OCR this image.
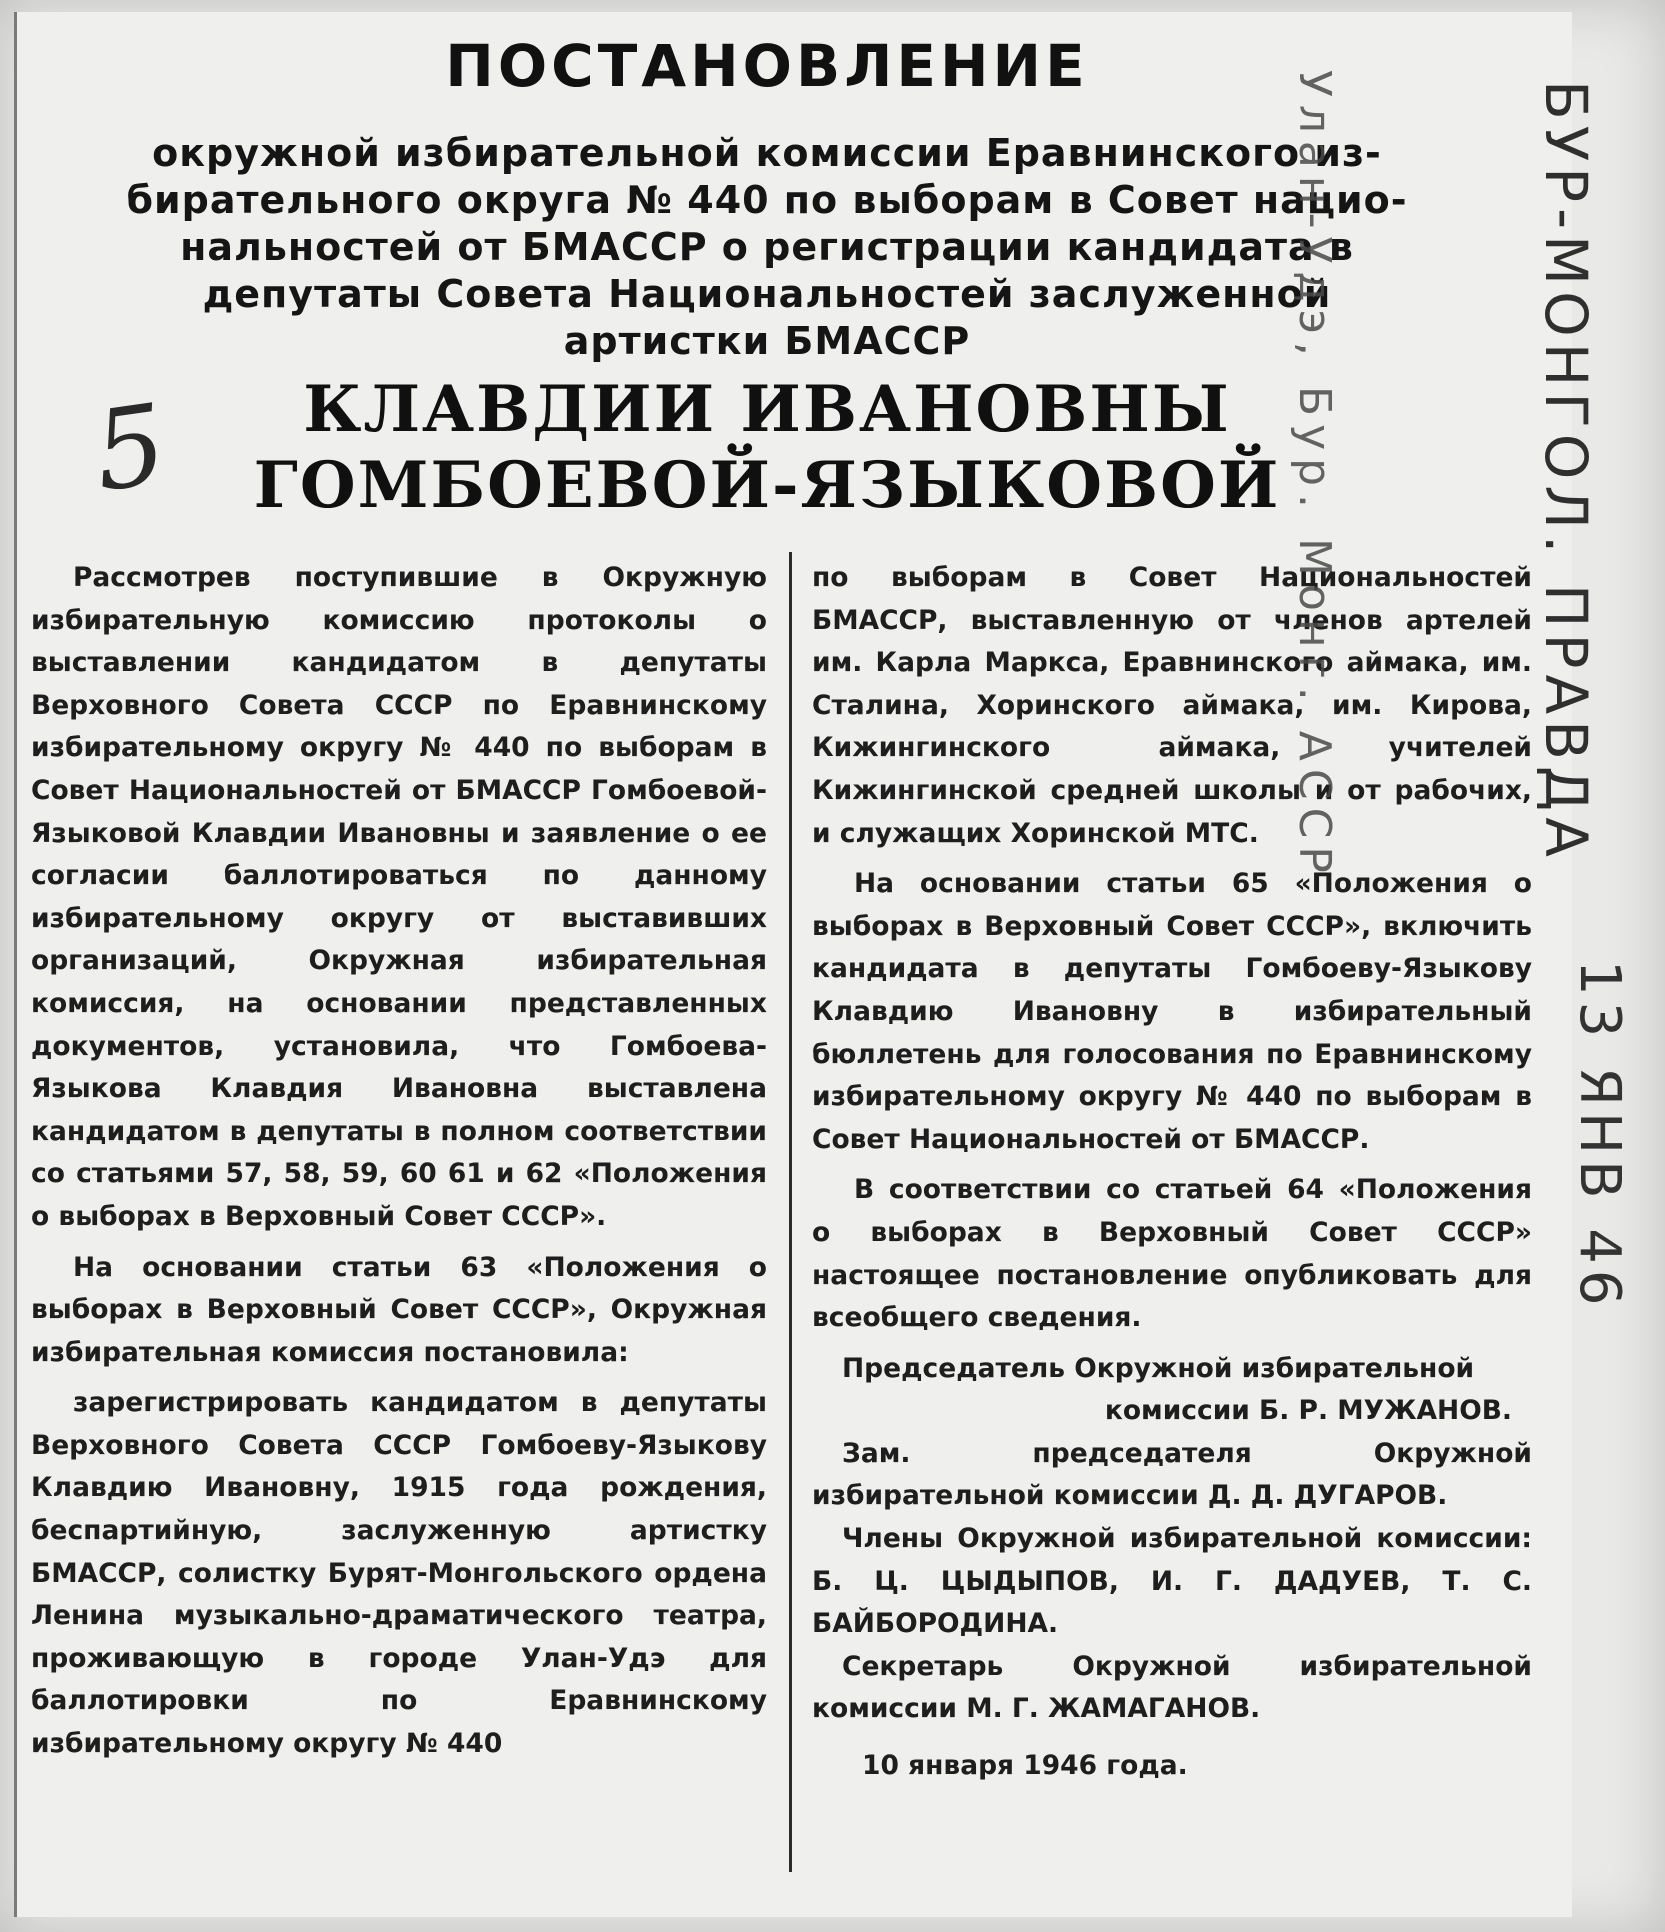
ПОСТАНОВЛЕНИЕ
окружной избирательной комиссии Еравнинского из-
бирательного округа № 440 по выборам в Совет нацио-
нальностей от БМАССР о регистрации кандидата в
депутаты Совета Национальностей заслуженной
артистки БМАССР
5	КЛАВДИИ ИВАНОВНЫ
ГОМБОЕВОЙ-ЯЗЫКОВОЙ

Рассмотрев поступившие в Окружную избирательную комиссию протоколы о выставлении кандидатом в депутаты Верховного Совета СССР по Еравнинскому избирательному округу № 440 по выборам в Совет Национальностей от БМАССР Гомбоевой-Языковой Клавдии Ивановны и заявление о ее согласии баллотироваться по данному избирательному округу от выставивших организаций, Окружная избирательная комиссия, на основании представленных документов, установила, что Гомбоева-Языкова Клавдия Ивановна выставлена кандидатом в депутаты в полном соответствии со статьями 57, 58, 59, 60 61 и 62 «Положения о выборах в Верховный Совет СССР».

На основании статьи 63 «Положения о выборах в Верховный Совет СССР», Окружная избирательная комиссия постановила:

зарегистрировать кандидатом в депутаты Верховного Совета СССР Гомбоеву-Языкову Клавдию Ивановну, 1915 года рождения, беспартийную, заслуженную артистку БМАССР, солистку Бурят-Монгольского ордена Ленина музыкально-драматического театра, проживающую в городе Улан-Удэ для баллотировки по Еравнинскому избирательному округу № 440

по выборам в Совет Национальностей БМАССР, выставленную от членов артелей им. Карла Маркса, Еравнинского аймака, им. Сталина, Хоринского аймака, им. Кирова, Кижингинского аймака, учителей Кижингинской средней школы и от рабочих, и служащих Хоринской МТС.

На основании статьи 65 «Положения о выборах в Верховный Совет СССР», включить кандидата в депутаты Гомбоеву-Языкову Клавдию Ивановну в избирательный бюллетень для голосования по Еравнинскому избирательному округу № 440 по выборам в Совет Национальностей от БМАССР.

В соответствии со статьей 64 «Положения о выборах в Верховный Совет СССР» настоящее постановление опубликовать для всеобщего сведения.

Председатель Окружной избирательной
комиссии Б. Р. МУЖАНОВ.
Зам. председателя Окружной избирательной комиссии Д. Д. ДУГАРОВ.
Члены Окружной избирательной комиссии: Б. Ц. ЦЫДЫПОВ, И. Г. ДАДУЕВ, Т. С. БАЙБОРОДИНА.
Секретарь Окружной избирательной комиссии М. Г. ЖАМАГАНОВ.
10 января 1946 года.
Улан-Удэ, Бур. Монг. АССР	БУР-МОНГОЛ. ПРАВДА
13 ЯНВ 46
